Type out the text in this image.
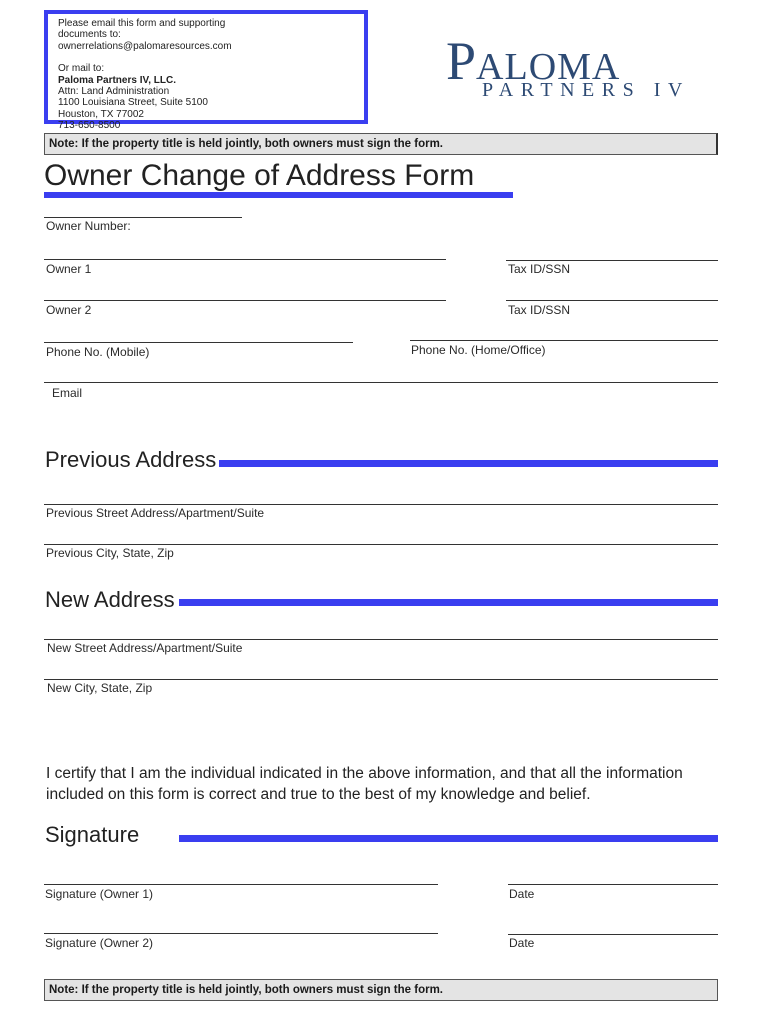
Please email this form and supporting
documents to:
ownerrelations@palomaresources.com
Or mail to:
Paloma Partners IV, LLC.
Attn: Land Administration
1100 Louisiana Street, Suite 5100
Houston, TX 77002
713-650-8500
PALOMA
PARTNERS IV
Note: If the property title is held jointly, both owners must sign the form.
Owner Change of Address Form
Owner Number:
Owner 1	Tax ID/SSN
Owner 2	Tax ID/SSN
Phone No. (Mobile)	Phone No. (Home/Office)
Email
Previous Address
Previous Street Address/Apartment/Suite
Previous City, State, Zip
New Address
New Street Address/Apartment/Suite
New City, State, Zip
I certify that I am the individual indicated in the above information, and that all the information included on this form is correct and true to the best of my knowledge and belief.
Signature
Signature (Owner 1)	Date
Signature (Owner 2)	Date
Note: If the property title is held jointly, both owners must sign the form.
